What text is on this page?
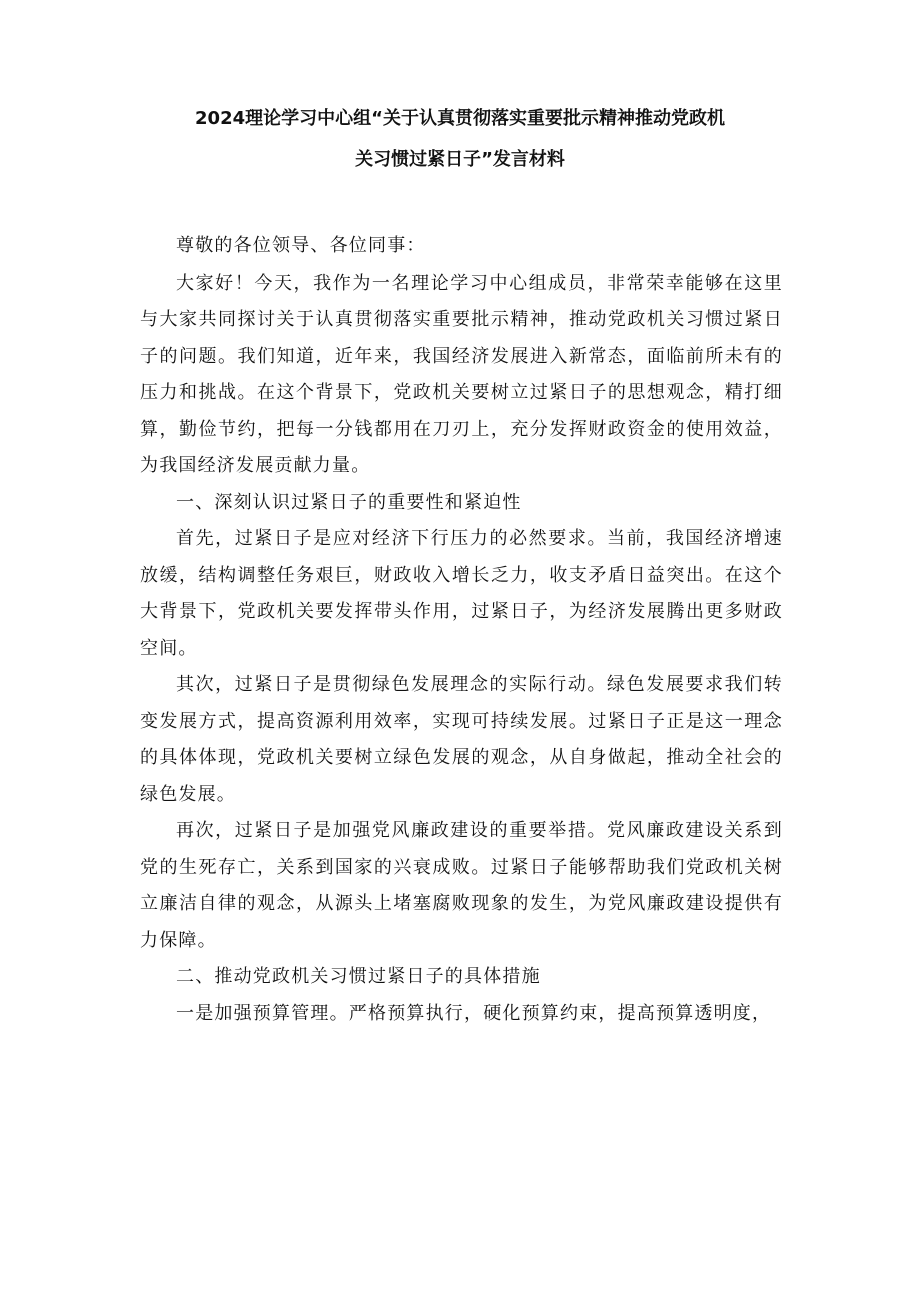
2024理论学习中心组“关于认真贯彻落实重要批示精神推动党政机
关习惯过紧日子”发言材料

尊敬的各位领导、各位同事：

大家好！今天，我作为一名理论学习中心组成员，非常荣幸能够在这里与大家共同探讨关于认真贯彻落实重要批示精神，推动党政机关习惯过紧日子的问题。我们知道，近年来，我国经济发展进入新常态，面临前所未有的压力和挑战。在这个背景下，党政机关要树立过紧日子的思想观念，精打细算，勤俭节约，把每一分钱都用在刀刃上，充分发挥财政资金的使用效益，为我国经济发展贡献力量。

一、深刻认识过紧日子的重要性和紧迫性

首先，过紧日子是应对经济下行压力的必然要求。当前，我国经济增速放缓，结构调整任务艰巨，财政收入增长乏力，收支矛盾日益突出。在这个大背景下，党政机关要发挥带头作用，过紧日子，为经济发展腾出更多财政空间。

其次，过紧日子是贯彻绿色发展理念的实际行动。绿色发展要求我们转变发展方式，提高资源利用效率，实现可持续发展。过紧日子正是这一理念的具体体现，党政机关要树立绿色发展的观念，从自身做起，推动全社会的绿色发展。

再次，过紧日子是加强党风廉政建设的重要举措。党风廉政建设关系到党的生死存亡，关系到国家的兴衰成败。过紧日子能够帮助我们党政机关树立廉洁自律的观念，从源头上堵塞腐败现象的发生，为党风廉政建设提供有力保障。

二、推动党政机关习惯过紧日子的具体措施

一是加强预算管理。严格预算执行，硬化预算约束，提高预算透明度，
